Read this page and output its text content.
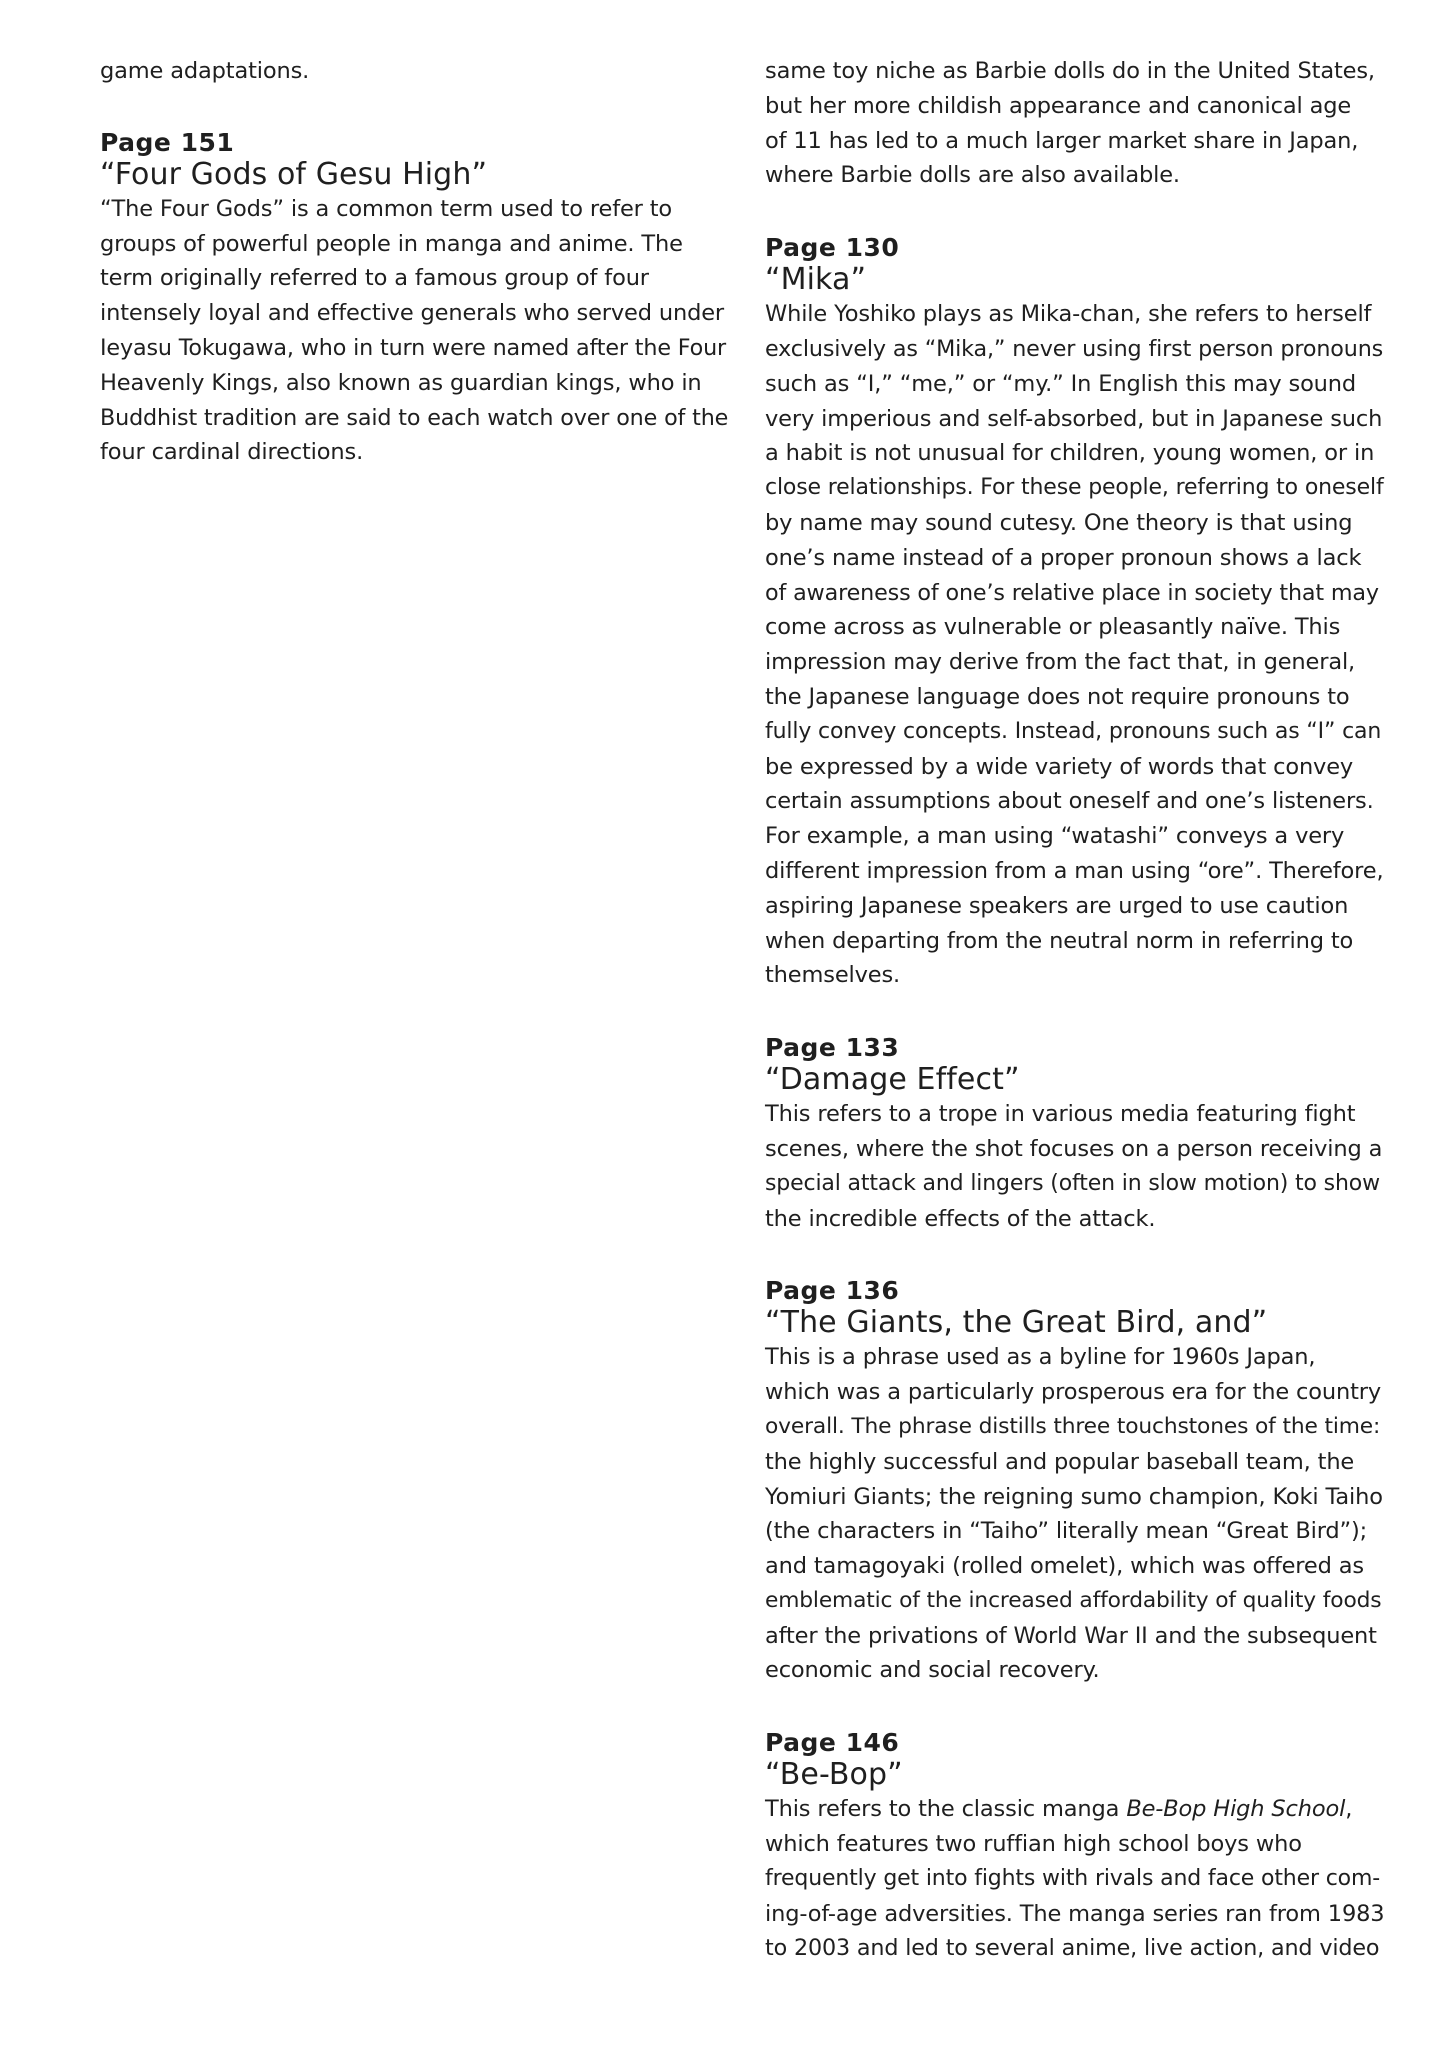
game adaptations.
Page 151
“Four Gods of Gesu High”
“The Four Gods” is a common term used to refer to
groups of powerful people in manga and anime. The
term originally referred to a famous group of four
intensely loyal and effective generals who served under
Ieyasu Tokugawa, who in turn were named after the Four
Heavenly Kings, also known as guardian kings, who in
Buddhist tradition are said to each watch over one of the
four cardinal directions.
same toy niche as Barbie dolls do in the United States,
but her more childish appearance and canonical age
of 11 has led to a much larger market share in Japan,
where Barbie dolls are also available.
Page 130
“Mika”
While Yoshiko plays as Mika-chan, she refers to herself
exclusively as “Mika,” never using first person pronouns
such as “I,” “me,” or “my.” In English this may sound
very imperious and self-absorbed, but in Japanese such
a habit is not unusual for children, young women, or in
close relationships. For these people, referring to oneself
by name may sound cutesy. One theory is that using
one’s name instead of a proper pronoun shows a lack
of awareness of one’s relative place in society that may
come across as vulnerable or pleasantly naïve. This
impression may derive from the fact that, in general,
the Japanese language does not require pronouns to
fully convey concepts. Instead, pronouns such as “I” can
be expressed by a wide variety of words that convey
certain assumptions about oneself and one’s listeners.
For example, a man using “watashi” conveys a very
different impression from a man using “ore”. Therefore,
aspiring Japanese speakers are urged to use caution
when departing from the neutral norm in referring to
themselves.
Page 133
“Damage Effect”
This refers to a trope in various media featuring fight
scenes, where the shot focuses on a person receiving a
special attack and lingers (often in slow motion) to show
the incredible effects of the attack.
Page 136
“The Giants, the Great Bird, and”
This is a phrase used as a byline for 1960s Japan,
which was a particularly prosperous era for the country
overall. The phrase distills three touchstones of the time:
the highly successful and popular baseball team, the
Yomiuri Giants; the reigning sumo champion, Koki Taiho
(the characters in “Taiho” literally mean “Great Bird”);
and tamagoyaki (rolled omelet), which was offered as
emblematic of the increased affordability of quality foods
after the privations of World War II and the subsequent
economic and social recovery.
Page 146
“Be-Bop”
This refers to the classic manga Be-Bop High School,
which features two ruffian high school boys who
frequently get into fights with rivals and face other com-
ing-of-age adversities. The manga series ran from 1983
to 2003 and led to several anime, live action, and video
